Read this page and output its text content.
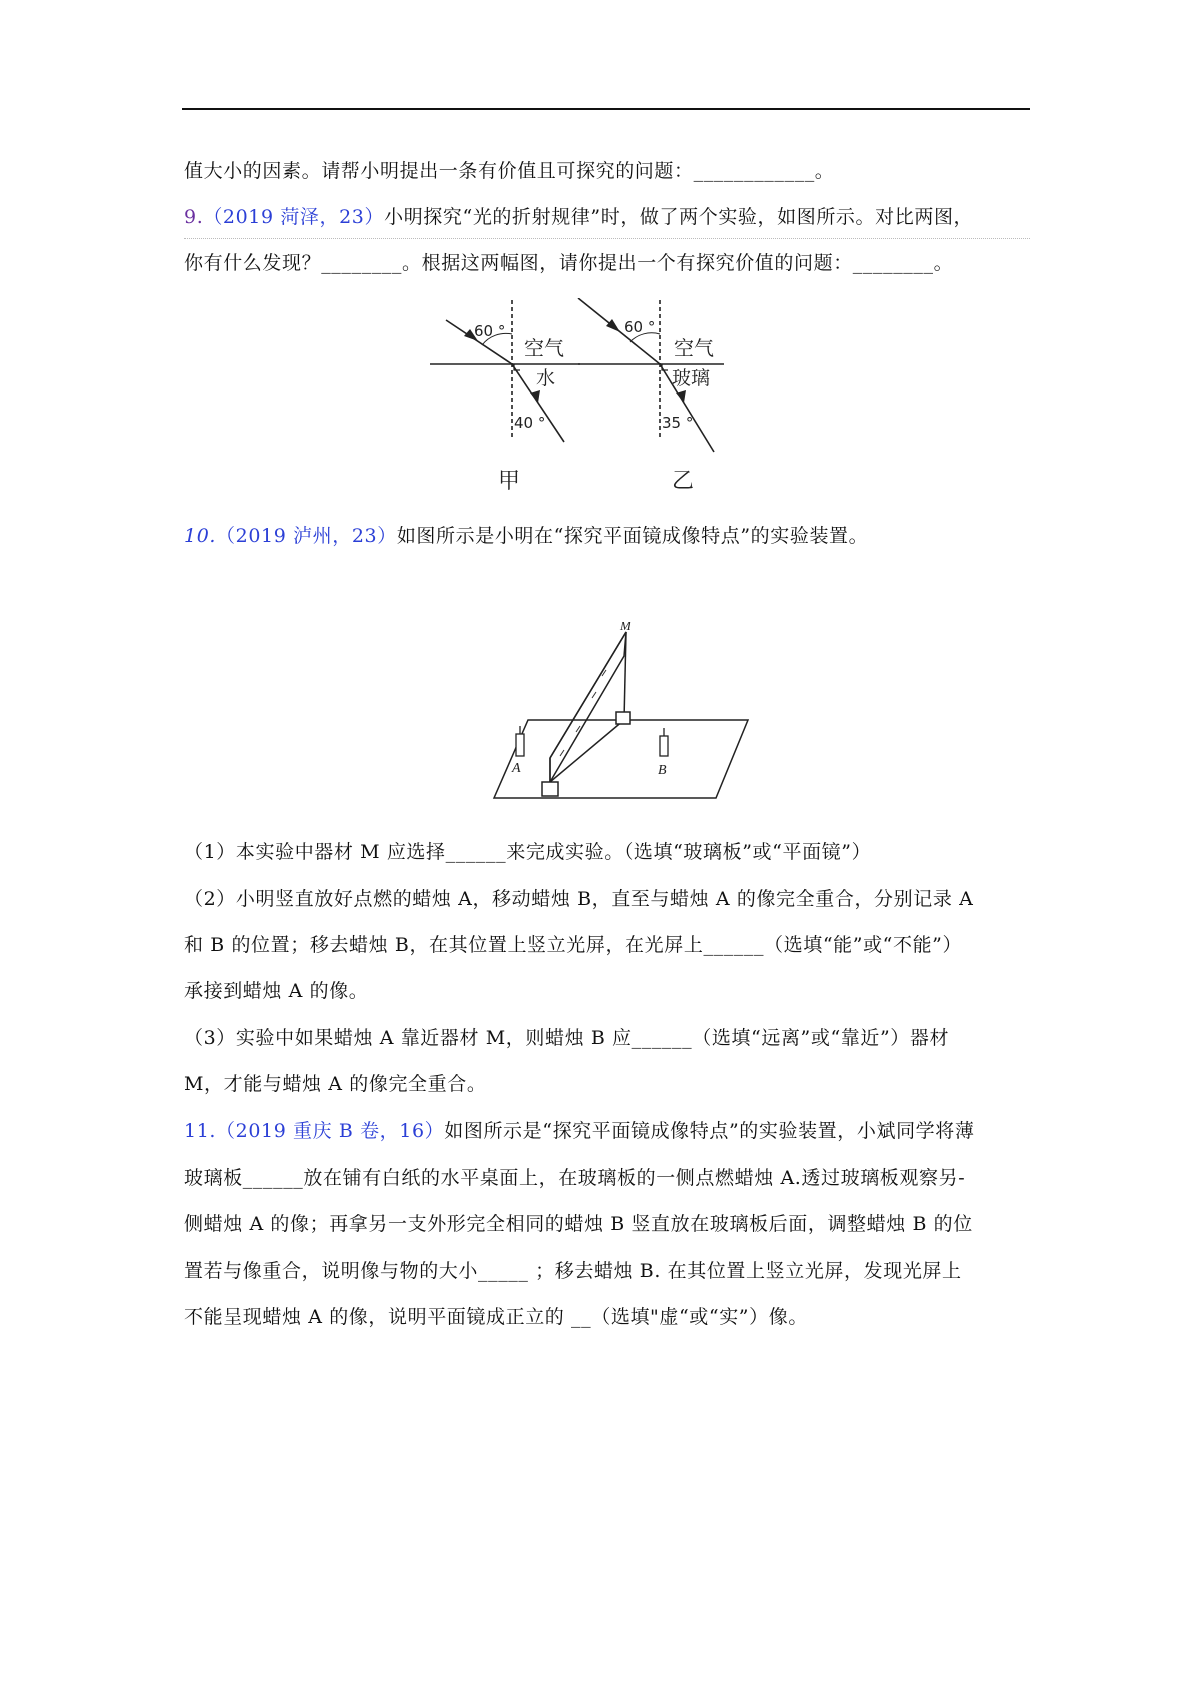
值大小的因素。请帮小明提出一条有价值且可探究的问题：____________。
9.（2019 菏泽，23）小明探究“光的折射规律”时，做了两个实验，如图所示。对比两图，
你有什么发现？________。根据这两幅图，请你提出一个有探究价值的问题：________。
60 °
空气
水
40 °
甲
60 °
空气
玻璃
35 °
乙
10.（2019 泸州，23）如图所示是小明在“探究平面镜成像特点”的实验装置。
M
A	B
（1）本实验中器材 M 应选择______来完成实验。（选填“玻璃板”或“平面镜”）
（2）小明竖直放好点燃的蜡烛 A，移动蜡烛 B，直至与蜡烛 A 的像完全重合，分别记录 A
和 B 的位置；移去蜡烛 B，在其位置上竖立光屏，在光屏上______（选填“能”或“不能”）
承接到蜡烛 A 的像。
（3）实验中如果蜡烛 A 靠近器材 M，则蜡烛 B 应______（选填“远离”或“靠近”）器材
M，才能与蜡烛 A 的像完全重合。
11.（2019 重庆 B 卷，16）如图所示是“探究平面镜成像特点”的实验装置，小斌同学将薄
玻璃板______放在铺有白纸的水平桌面上，在玻璃板的一侧点燃蜡烛 A.透过玻璃板观察另-
侧蜡烛 A 的像；再拿另一支外形完全相同的蜡烛 B 竖直放在玻璃板后面，调整蜡烛 B 的位
置若与像重合，说明像与物的大小_____ ；移去蜡烛 B. 在其位置上竖立光屏，发现光屏上
不能呈现蜡烛 A 的像，说明平面镜成正立的 __（选填"虚“或“实”）像。
